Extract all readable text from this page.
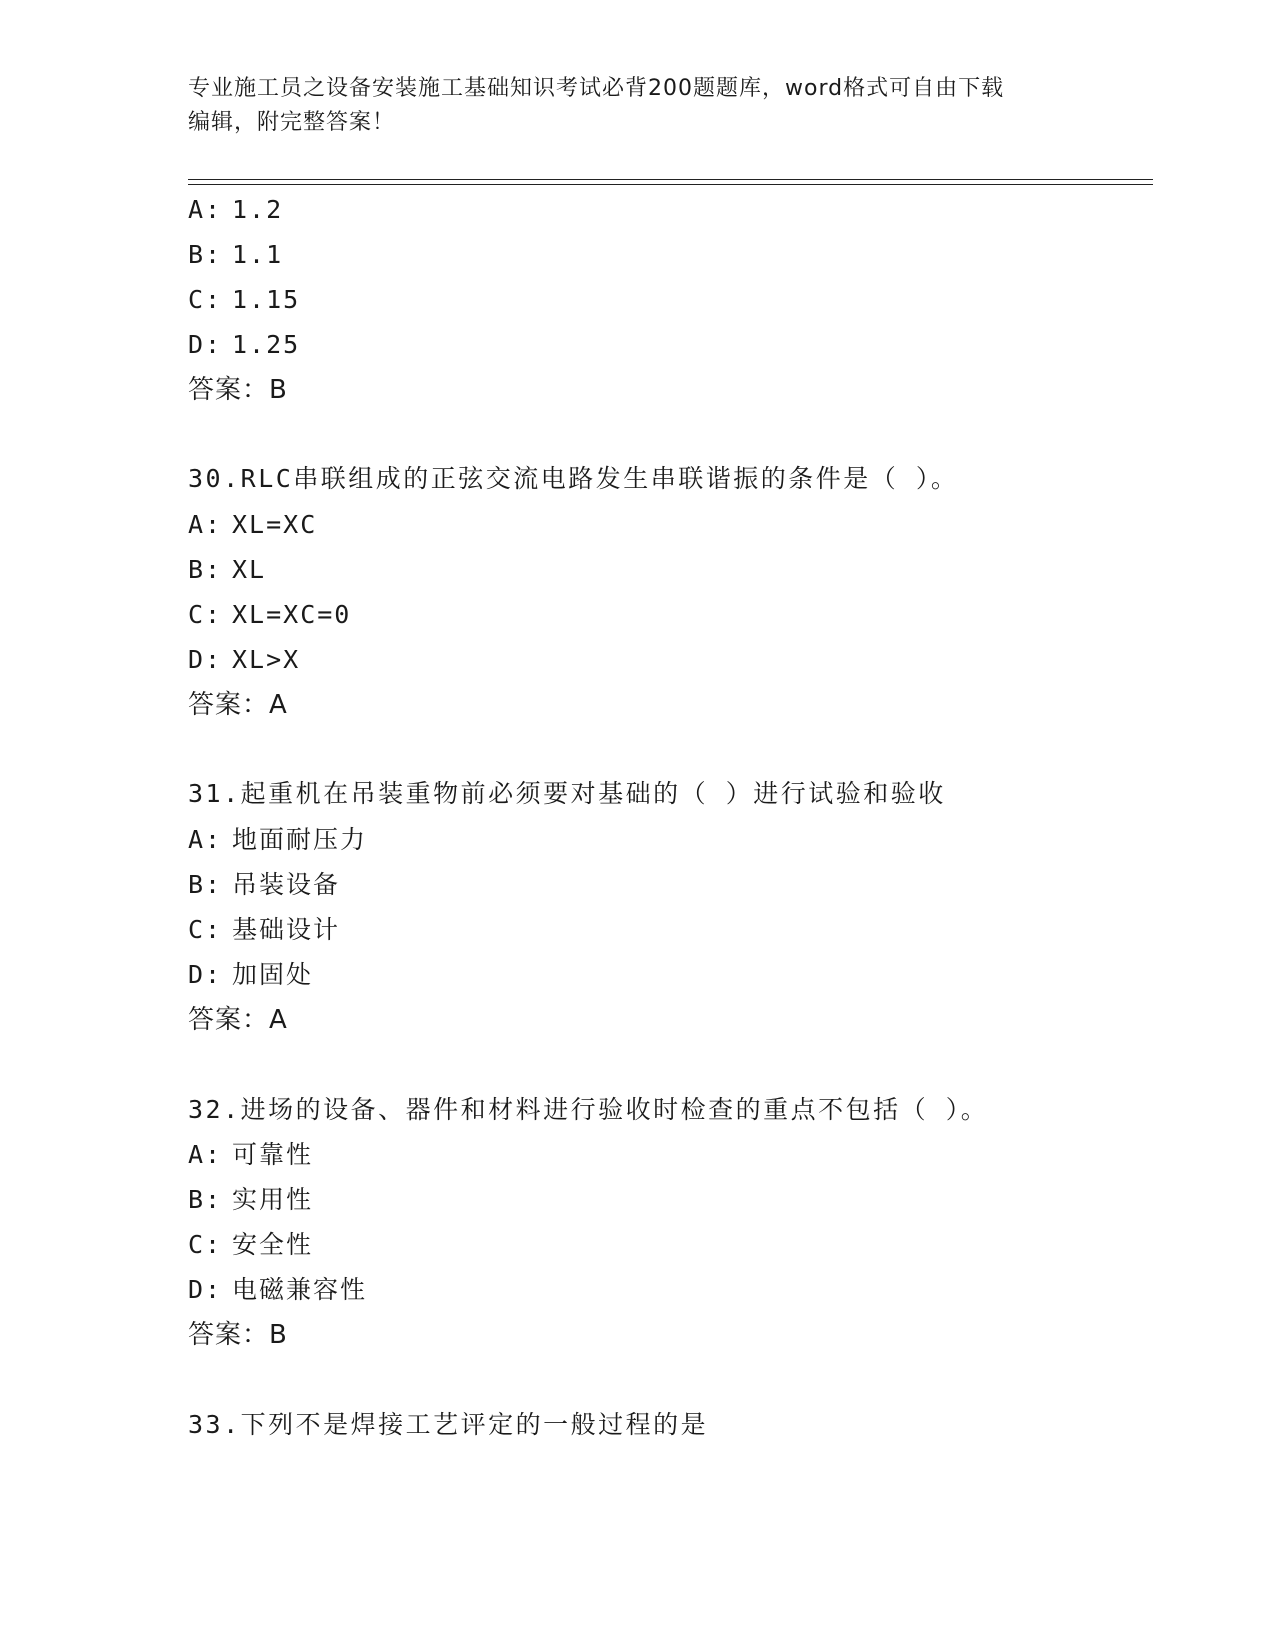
专业施工员之设备安装施工基础知识考试必背200题题库，word格式可自由下载
编辑，附完整答案！
A: 1.2
B: 1.1
C: 1.15
D: 1.25
答案：B
30.RLC串联组成的正弦交流电路发生串联谐振的条件是（ ）。
A: XL=XC
B: XL
C: XL=XC=0
D: XL>X
答案：A
31.起重机在吊装重物前必须要对基础的（ ）进行试验和验收
A: 地面耐压力
B: 吊装设备
C: 基础设计
D: 加固处
答案：A
32.进场的设备、器件和材料进行验收时检查的重点不包括（ ）。
A: 可靠性
B: 实用性
C: 安全性
D: 电磁兼容性
答案：B
33.下列不是焊接工艺评定的一般过程的是
